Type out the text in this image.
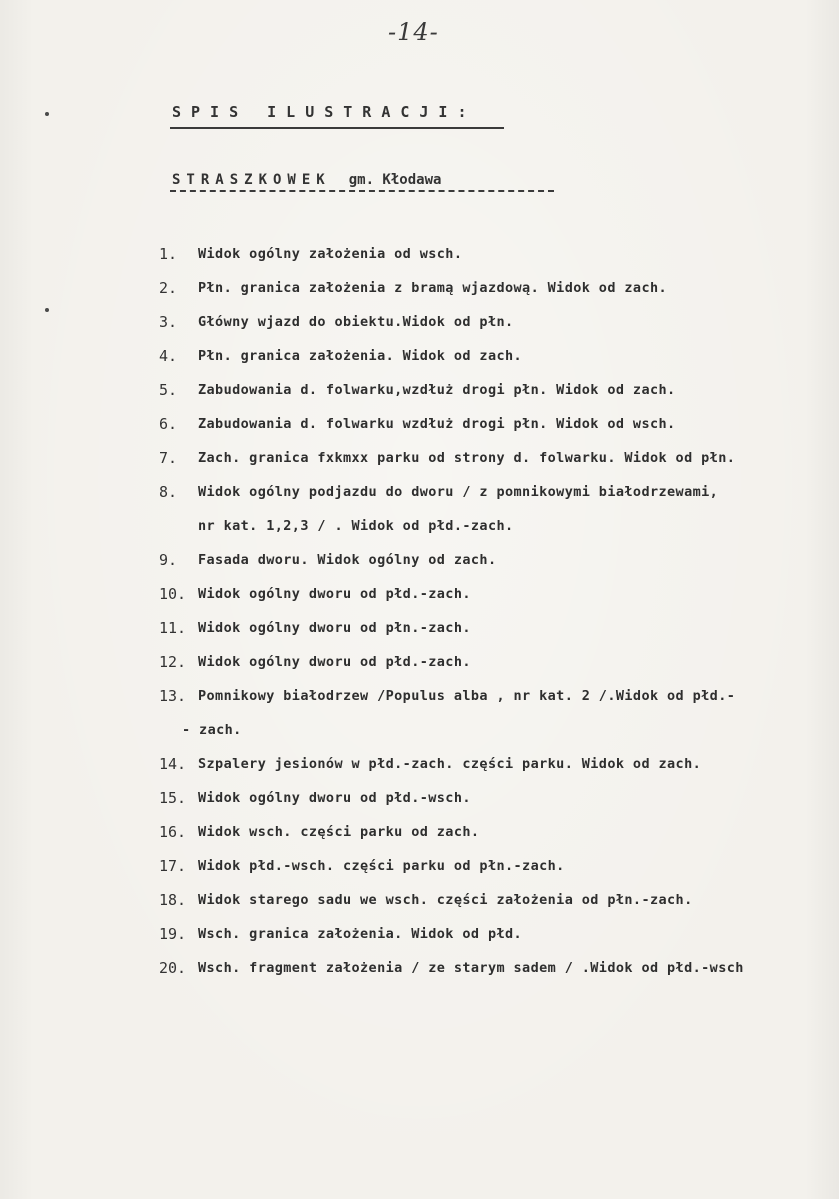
-14-
SPIS ILUSTRACJI:
STRASZKOWEK gm. Kłodawa
1.	Widok ogólny założenia od wsch.
2.	Płn. granica założenia z bramą wjazdową. Widok od zach.
3.	Główny wjazd do obiektu.Widok od płn.
4.	Płn. granica założenia. Widok od zach.
5.	Zabudowania d. folwarku,wzdłuż drogi płn. Widok od zach.
6.	Zabudowania d. folwarku wzdłuż drogi płn. Widok od wsch.
7.	Zach. granica fxkmxx parku od strony d. folwarku. Widok od płn.
8.	Widok ogólny podjazdu do dworu / z pomnikowymi białodrzewami,
nr kat. 1,2,3 / . Widok od płd.-zach.
9.	Fasada dworu. Widok ogólny od zach.
10. Widok ogólny dworu od płd.-zach.
11. Widok ogólny dworu od płn.-zach.
12. Widok ogólny dworu od płd.-zach.
13. Pomnikowy białodrzew /Populus alba , nr kat. 2 /.Widok od płd.-
- zach.
14. Szpalery jesionów w płd.-zach. części parku. Widok od zach.
15. Widok ogólny dworu od płd.-wsch.
16. Widok wsch. części parku od zach.
17. Widok płd.-wsch. części parku od płn.-zach.
18. Widok starego sadu we wsch. części założenia od płn.-zach.
19. Wsch. granica założenia. Widok od płd.
20. Wsch. fragment założenia / ze starym sadem / .Widok od płd.-wsch
